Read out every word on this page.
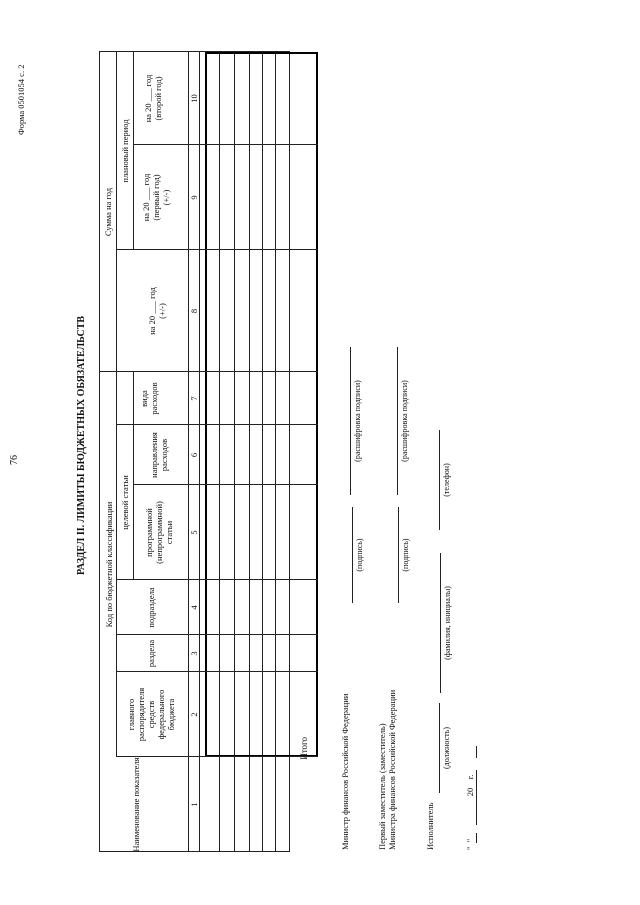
76
Форма 0501054 с. 2
РАЗДЕЛ II. ЛИМИТЫ БЮДЖЕТНЫХ ОБЯЗАТЕЛЬСТВ
Наименование показателя
Код по бюджетной классификации
главного распорядителя средств федерального бюджета
раздела
подраздела
целевой статьи
программной (непрограммной) статьи
направления расходов
вида расходов
Сумма на год
на 20 ___ год (+/-)
плановый период
на 20 ___ год (первый год) (+/-)
на 20 ___ год (второй год)
1
2
3
4
5
6
7
8
9
10
Итого	Министр финансов Российской Федерации
(подпись)
(расшифровка подписи)
Первый заместитель (заместитель) Министра финансов Российской Федерации
(подпись)
(расшифровка подписи)
Исполнитель
(должность)
(фамилия, инициалы)
(телефон)
"  "                    20    г.
